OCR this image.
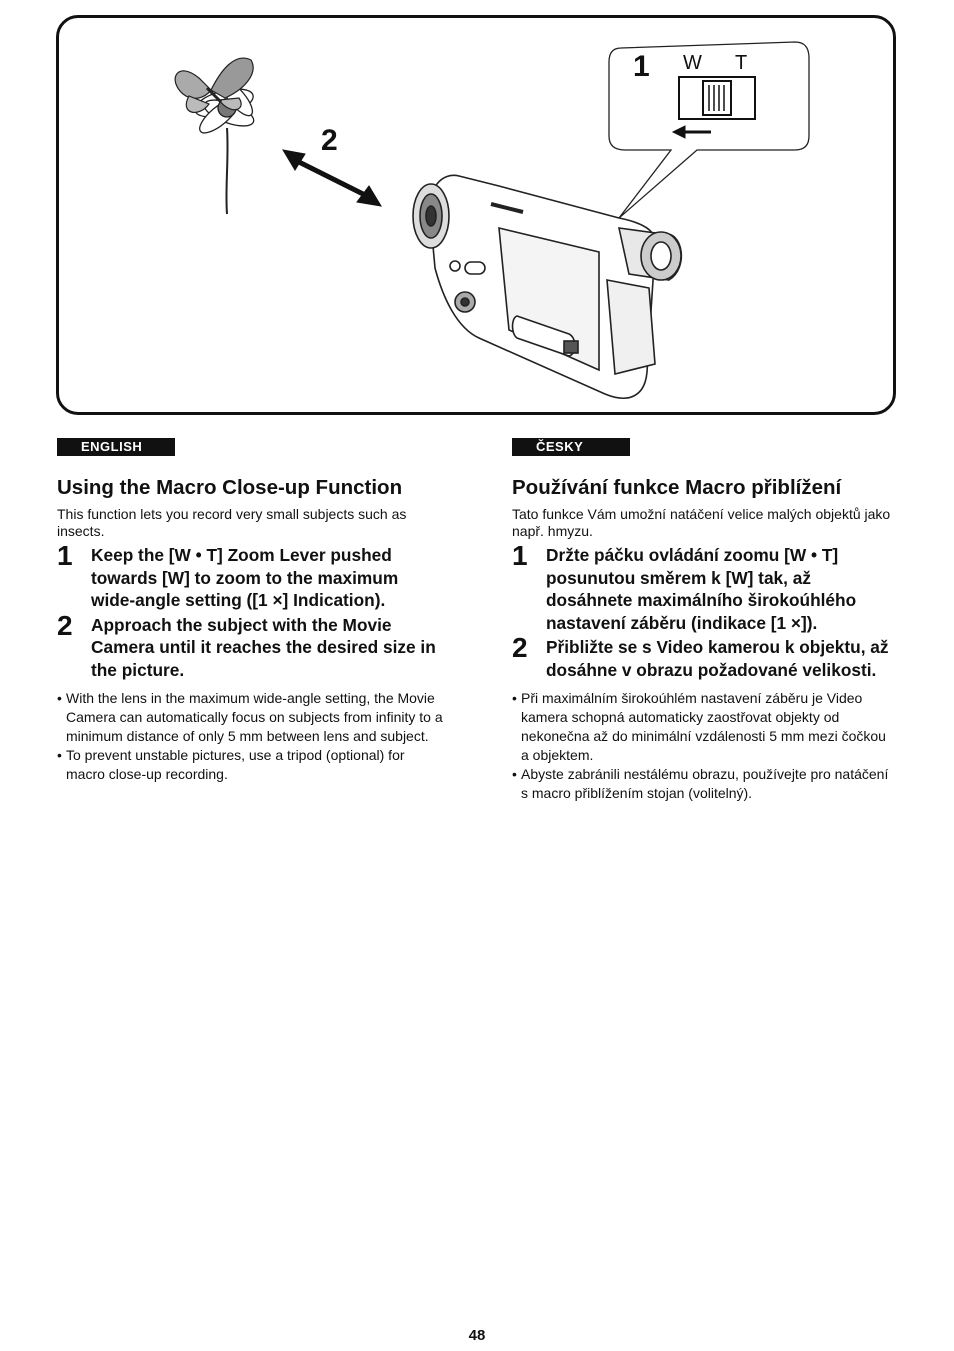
1 W T
2
ENGLISH
Using the Macro Close-up Function

This function lets you record very small subjects such as insects.

1 Keep the [W • T] Zoom Lever pushed towards [W] to zoom to the maximum wide-angle setting ([1 ×] Indication).

2 Approach the subject with the Movie Camera until it reaches the desired size in the picture.

• With the lens in the maximum wide-angle setting, the Movie Camera can automatically focus on subjects from infinity to a minimum distance of only 5 mm between lens and subject.

• To prevent unstable pictures, use a tripod (optional) for macro close-up recording.

ČESKY
Používání funkce Macro přiblížení

Tato funkce Vám umožní natáčení velice malých objektů jako např. hmyzu.

1 Držte páčku ovládání zoomu [W • T] posunutou směrem k [W] tak, až dosáhnete maximálního širokoúhlého nastavení záběru (indikace [1 ×]).

2 Přibližte se s Video kamerou k objektu, až dosáhne v obrazu požadované velikosti.

• Při maximálním širokoúhlém nastavení záběru je Video kamera schopná automaticky zaostřovat objekty od nekonečna až do minimální vzdálenosti 5 mm mezi čočkou a objektem.

• Abyste zabránili nestálému obrazu, používejte pro natáčení s macro přiblížením stojan (volitelný).

48
